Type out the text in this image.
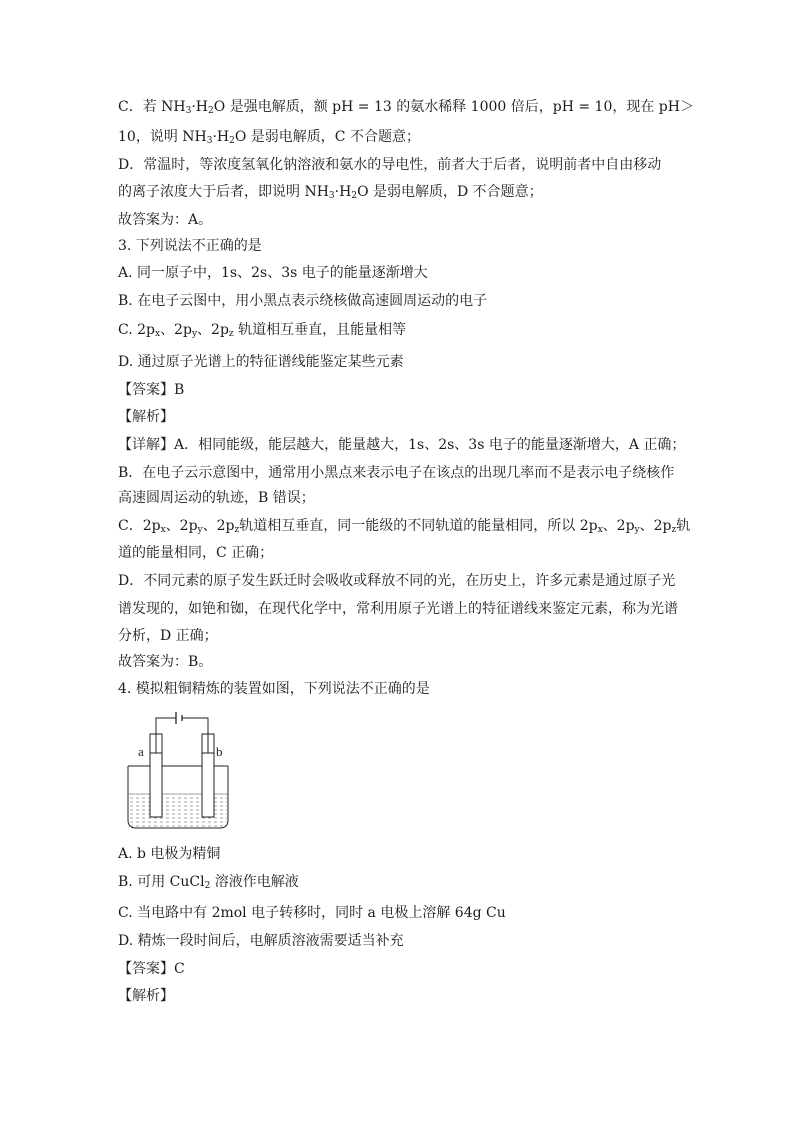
C．若 $NH_3\cdot H_2O$ 是强电解质，额 pH = 13 的氨水稀释 1000 倍后，pH = 10，现在 pH＞
10，说明 $NH_3\cdot H_2O$ 是弱电解质，C 不合题意；
D．常温时，等浓度氢氧化钠溶液和氨水的导电性，前者大于后者，说明前者中自由移动
的离子浓度大于后者，即说明 $NH_3\cdot H_2O$ 是弱电解质，D 不合题意；
故答案为：A。
3. 下列说法不正确的是
A. 同一原子中，1s、2s、3s 电子的能量逐渐增大
B. 在电子云图中，用小黑点表示绕核做高速圆周运动的电子
C. $2p_x$、$2p_y$、$2p_z$ 轨道相互垂直，且能量相等
D. 通过原子光谱上的特征谱线能鉴定某些元素
【答案】B
【解析】
【详解】A．相同能级，能层越大，能量越大，1s、2s、3s 电子的能量逐渐增大，A 正确；
B．在电子云示意图中，通常用小黑点来表示电子在该点的出现几率而不是表示电子绕核作
高速圆周运动的轨迹，B 错误；
C．$2p_x$、$2p_y$、$2p_z$轨道相互垂直，同一能级的不同轨道的能量相同，所以 $2p_x$、$2p_y$、$2p_z$轨
道的能量相同，C 正确；
D．不同元素的原子发生跃迁时会吸收或释放不同的光，在历史上，许多元素是通过原子光
谱发现的，如铯和铷，在现代化学中，常利用原子光谱上的特征谱线来鉴定元素，称为光谱
分析，D 正确；
故答案为：B。
4. 模拟粗铜精炼的装置如图，下列说法不正确的是
a	b
A. b 电极为精铜
B. 可用 CuCl$_2$ 溶液作电解液
C. 当电路中有 2mol 电子转移时，同时 a 电极上溶解 64g Cu
D. 精炼一段时间后，电解质溶液需要适当补充
【答案】C
【解析】
